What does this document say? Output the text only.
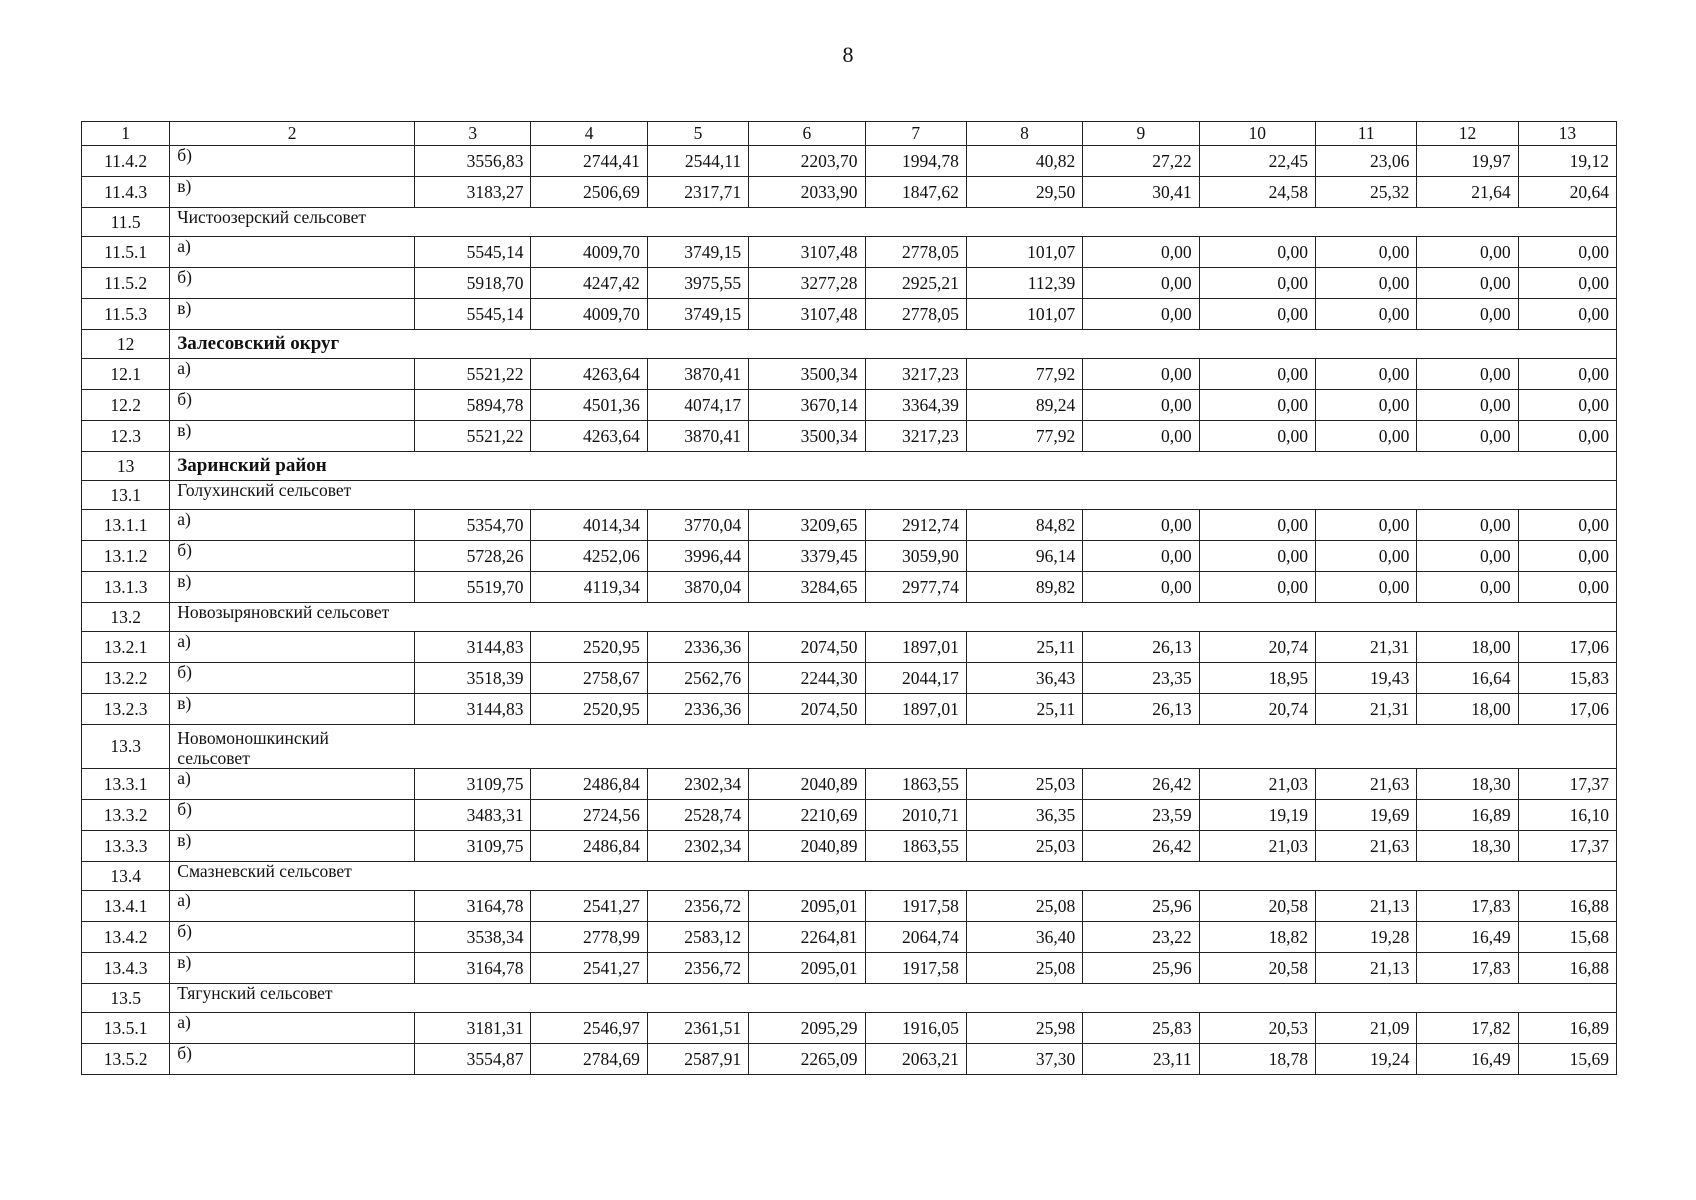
8
1	2	3	4	5	6	7	8	9	10	11	12	13
11.4.2	б)	3556,83	2744,41	2544,11	2203,70	1994,78	40,82	27,22	22,45	23,06	19,97	19,12
11.4.3	в)	3183,27	2506,69	2317,71	2033,90	1847,62	29,50	30,41	24,58	25,32	21,64	20,64
11.5	Чистоозерский сельсовет											
11.5.1	а)	5545,14	4009,70	3749,15	3107,48	2778,05	101,07	0,00	0,00	0,00	0,00	0,00
11.5.2	б)	5918,70	4247,42	3975,55	3277,28	2925,21	112,39	0,00	0,00	0,00	0,00	0,00
11.5.3	в)	5545,14	4009,70	3749,15	3107,48	2778,05	101,07	0,00	0,00	0,00	0,00	0,00
12	Залесовский округ											
12.1	а)	5521,22	4263,64	3870,41	3500,34	3217,23	77,92	0,00	0,00	0,00	0,00	0,00
12.2	б)	5894,78	4501,36	4074,17	3670,14	3364,39	89,24	0,00	0,00	0,00	0,00	0,00
12.3	в)	5521,22	4263,64	3870,41	3500,34	3217,23	77,92	0,00	0,00	0,00	0,00	0,00
13	Заринский район											
13.1	Голухинский сельсовет											
13.1.1	а)	5354,70	4014,34	3770,04	3209,65	2912,74	84,82	0,00	0,00	0,00	0,00	0,00
13.1.2	б)	5728,26	4252,06	3996,44	3379,45	3059,90	96,14	0,00	0,00	0,00	0,00	0,00
13.1.3	в)	5519,70	4119,34	3870,04	3284,65	2977,74	89,82	0,00	0,00	0,00	0,00	0,00
13.2	Новозыряновский сельсовет											
13.2.1	а)	3144,83	2520,95	2336,36	2074,50	1897,01	25,11	26,13	20,74	21,31	18,00	17,06
13.2.2	б)	3518,39	2758,67	2562,76	2244,30	2044,17	36,43	23,35	18,95	19,43	16,64	15,83
13.2.3	в)	3144,83	2520,95	2336,36	2074,50	1897,01	25,11	26,13	20,74	21,31	18,00	17,06
13.3	Новомоношкинский сельсовет											
13.3.1	а)	3109,75	2486,84	2302,34	2040,89	1863,55	25,03	26,42	21,03	21,63	18,30	17,37
13.3.2	б)	3483,31	2724,56	2528,74	2210,69	2010,71	36,35	23,59	19,19	19,69	16,89	16,10
13.3.3	в)	3109,75	2486,84	2302,34	2040,89	1863,55	25,03	26,42	21,03	21,63	18,30	17,37
13.4	Смазневский сельсовет											
13.4.1	а)	3164,78	2541,27	2356,72	2095,01	1917,58	25,08	25,96	20,58	21,13	17,83	16,88
13.4.2	б)	3538,34	2778,99	2583,12	2264,81	2064,74	36,40	23,22	18,82	19,28	16,49	15,68
13.4.3	в)	3164,78	2541,27	2356,72	2095,01	1917,58	25,08	25,96	20,58	21,13	17,83	16,88
13.5	Тягунский сельсовет											
13.5.1	а)	3181,31	2546,97	2361,51	2095,29	1916,05	25,98	25,83	20,53	21,09	17,82	16,89
13.5.2	б)	3554,87	2784,69	2587,91	2265,09	2063,21	37,30	23,11	18,78	19,24	16,49	15,69
